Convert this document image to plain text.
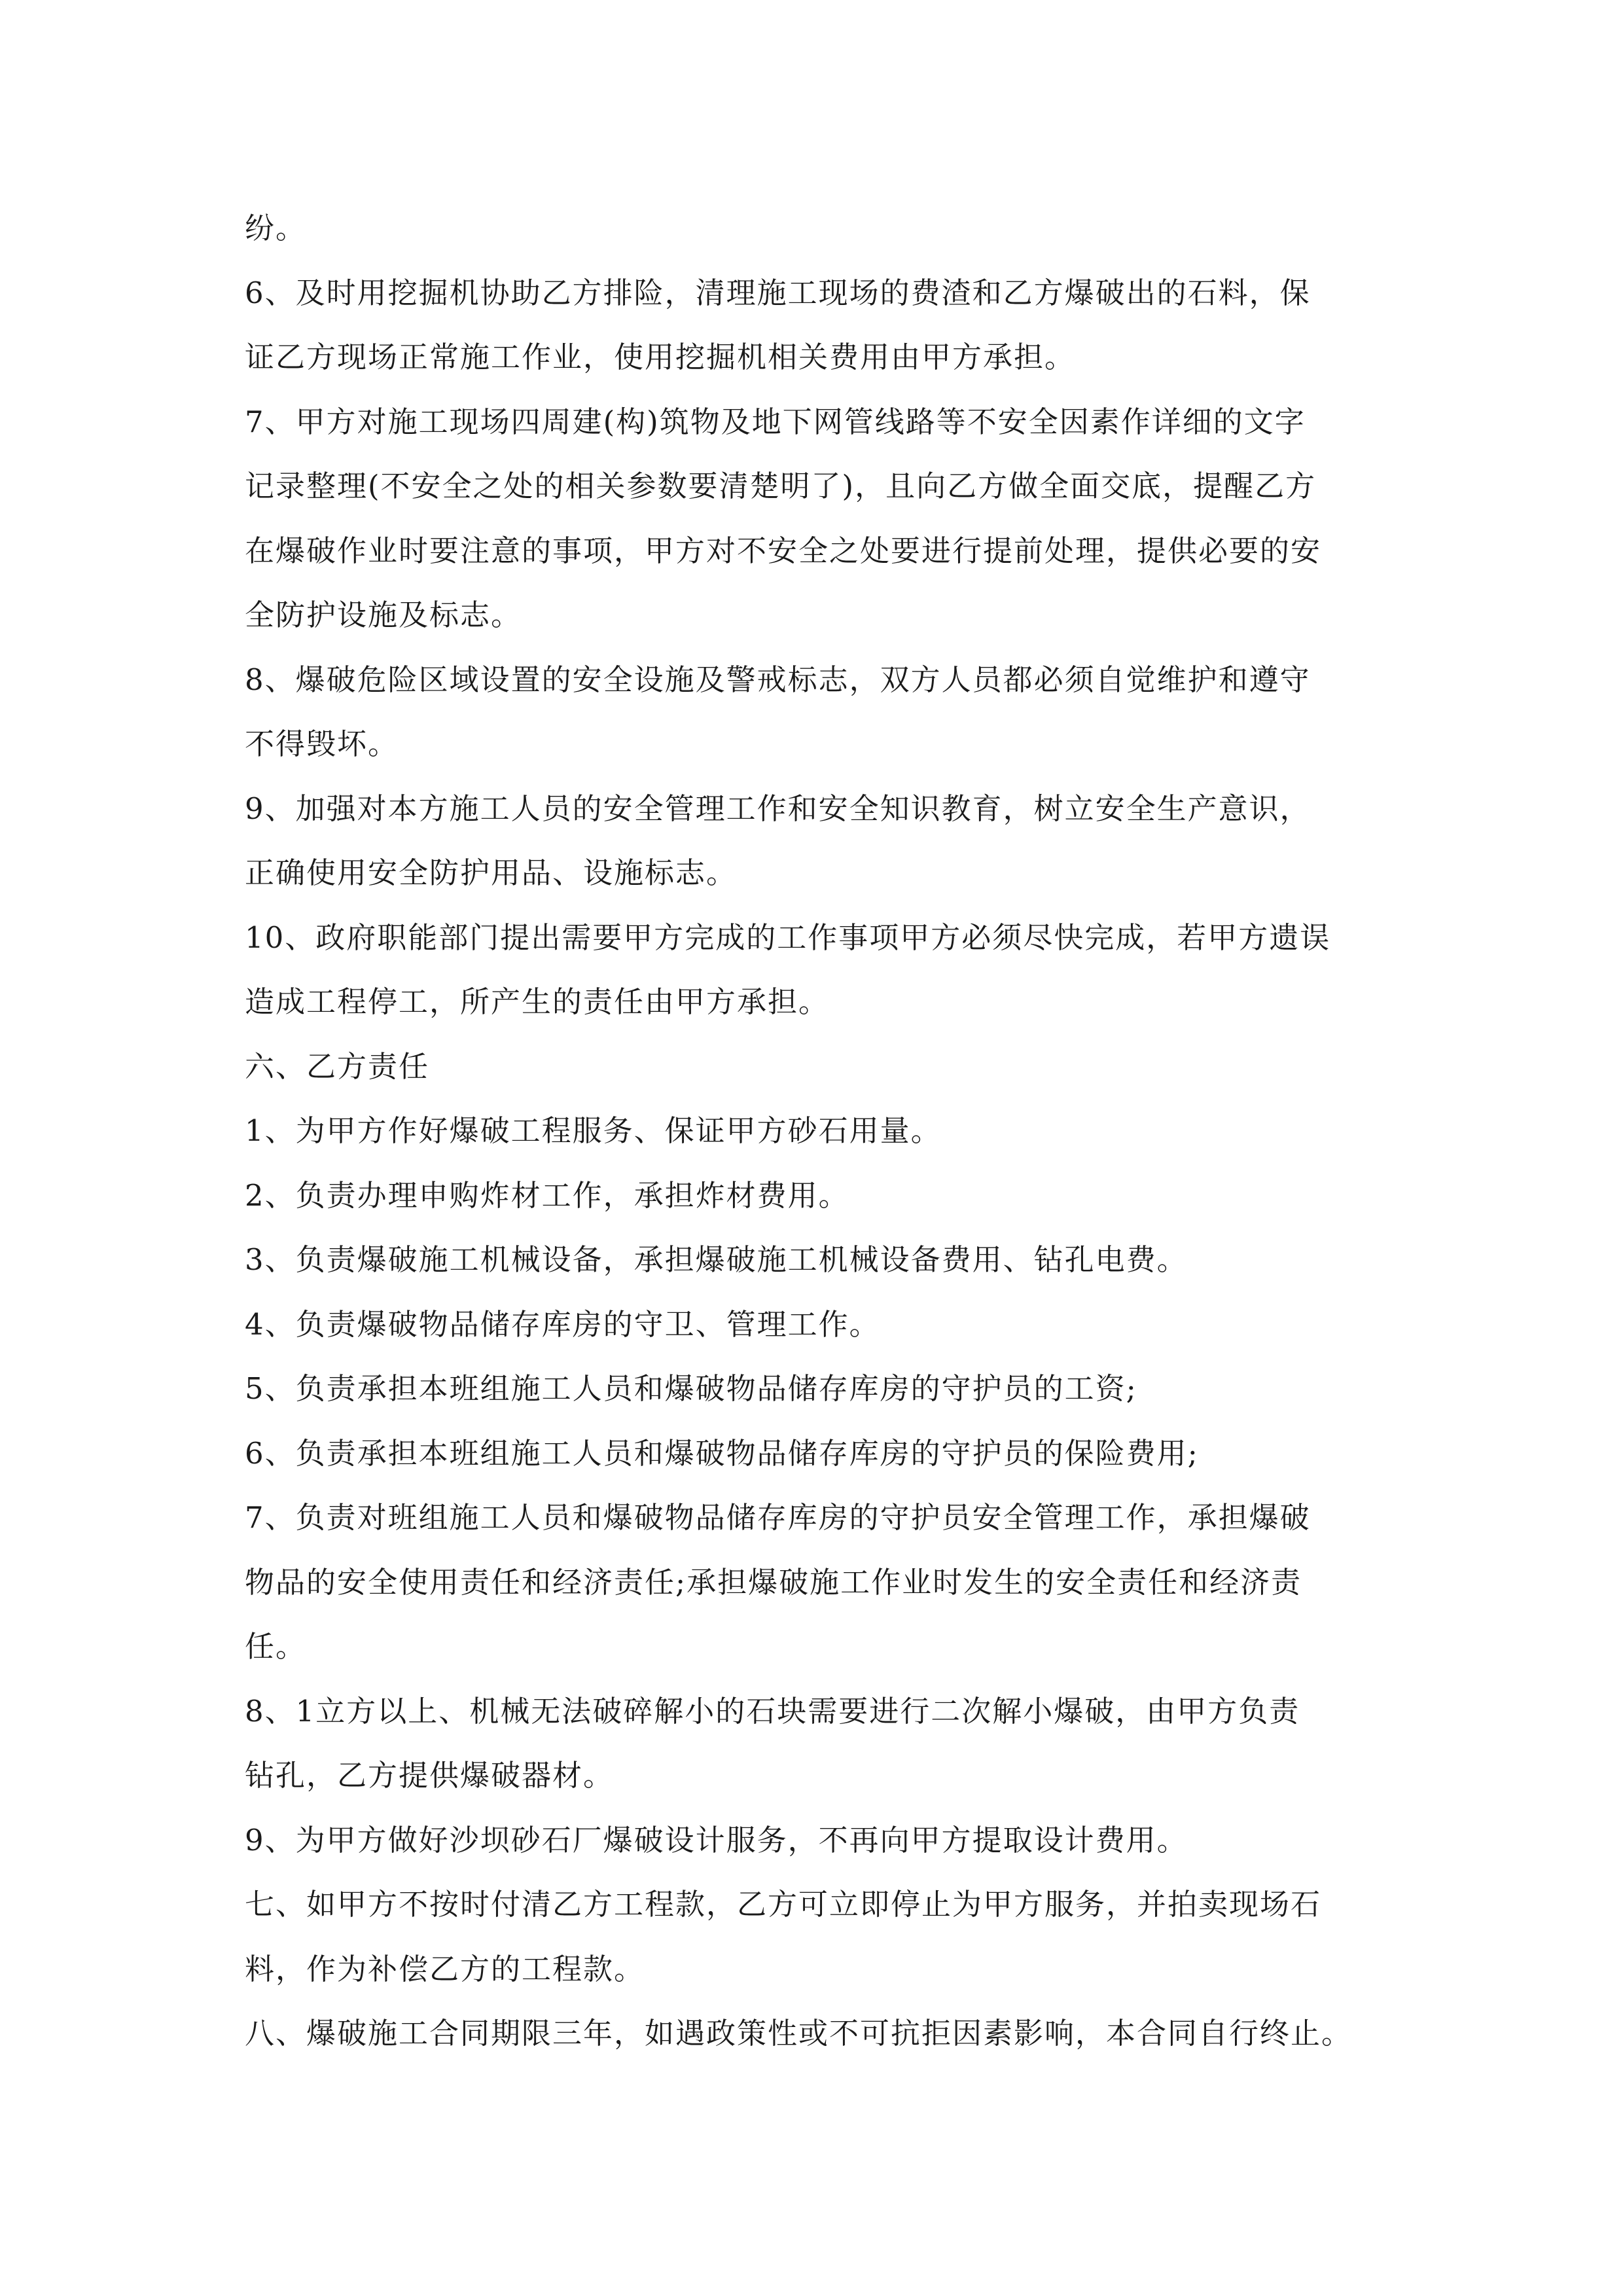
纷。
6、及时用挖掘机协助乙方排险，清理施工现场的费渣和乙方爆破出的石料，保
证乙方现场正常施工作业，使用挖掘机相关费用由甲方承担。
7、甲方对施工现场四周建(构)筑物及地下网管线路等不安全因素作详细的文字
记录整理(不安全之处的相关参数要清楚明了)，且向乙方做全面交底，提醒乙方
在爆破作业时要注意的事项，甲方对不安全之处要进行提前处理，提供必要的安
全防护设施及标志。
8、爆破危险区域设置的安全设施及警戒标志，双方人员都必须自觉维护和遵守
不得毁坏。
9、加强对本方施工人员的安全管理工作和安全知识教育，树立安全生产意识，
正确使用安全防护用品、设施标志。
10、政府职能部门提出需要甲方完成的工作事项甲方必须尽快完成，若甲方遗误
造成工程停工，所产生的责任由甲方承担。
六、乙方责任
1、为甲方作好爆破工程服务、保证甲方砂石用量。
2、负责办理申购炸材工作，承担炸材费用。
3、负责爆破施工机械设备，承担爆破施工机械设备费用、钻孔电费。
4、负责爆破物品储存库房的守卫、管理工作。
5、负责承担本班组施工人员和爆破物品储存库房的守护员的工资;
6、负责承担本班组施工人员和爆破物品储存库房的守护员的保险费用;
7、负责对班组施工人员和爆破物品储存库房的守护员安全管理工作，承担爆破
物品的安全使用责任和经济责任;承担爆破施工作业时发生的安全责任和经济责
任。
8、1立方以上、机械无法破碎解小的石块需要进行二次解小爆破，由甲方负责
钻孔，乙方提供爆破器材。
9、为甲方做好沙坝砂石厂爆破设计服务，不再向甲方提取设计费用。
七、如甲方不按时付清乙方工程款，乙方可立即停止为甲方服务，并拍卖现场石
料，作为补偿乙方的工程款。
八、爆破施工合同期限三年，如遇政策性或不可抗拒因素影响，本合同自行终止。
